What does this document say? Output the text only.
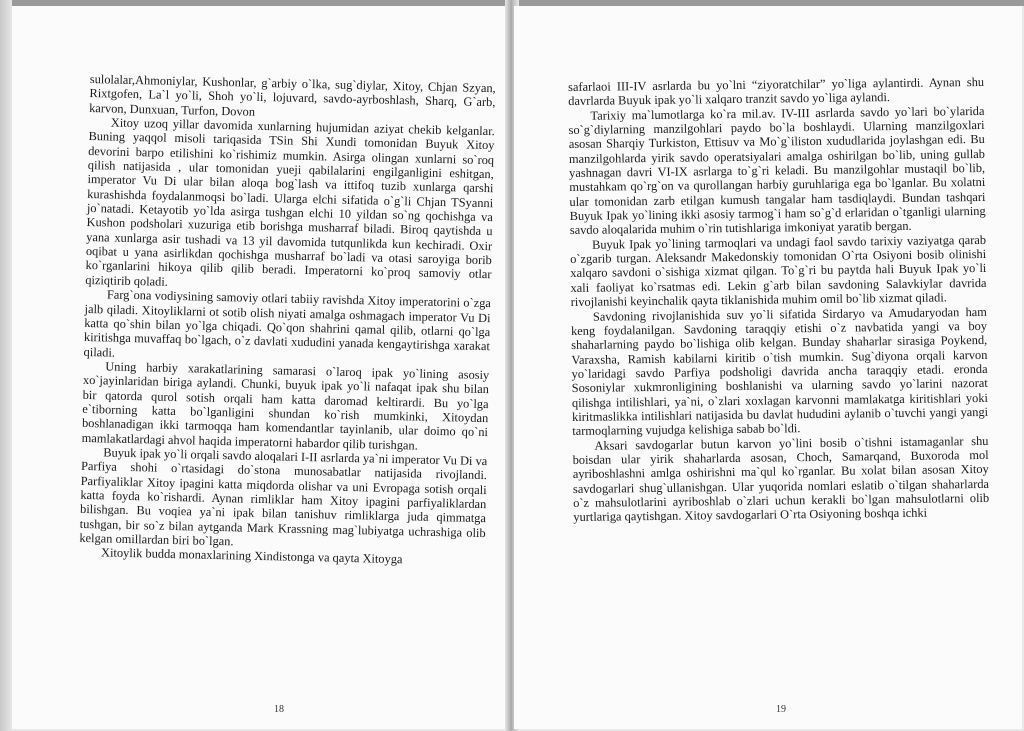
sulolalar,Ahmoniylar, Kushonlar, g`arbiy o`lka, sug`diylar, Xitoy, Chjan Szyan, Rixtgofen, La`l yo`li, Shoh yo`li, lojuvard, savdo-ayrboshlash, Sharq, G`arb, karvon, Dunxuan, Turfon, Dovon

Xitoy uzoq yillar davomida xunlarning hujumidan aziyat chekib kelganlar. Buning yaqqol misoli tariqasida TSin Shi Xundi tomonidan Buyuk Xitoy devorini barpo etilishini ko`rishimiz mumkin. Asirga olingan xunlarni so`roq qilish natijasida , ular tomonidan yueji qabilalarini engilganligini eshitgan, imperator Vu Di ular bilan aloqa bog`lash va ittifoq tuzib xunlarga qarshi kurashishda foydalanmoqsi bo`ladi. Ularga elchi sifatida o`g`li Chjan TSyanni jo`natadi. Ketayotib yo`lda asirga tushgan elchi 10 yildan so`ng qochishga va Kushon podsholari xuzuriga etib borishga musharraf biladi. Biroq qaytishda u yana xunlarga asir tushadi va 13 yil davomida tutqunlikda kun kechiradi. Oxir oqibat u yana asirlikdan qochishga musharraf bo`ladi va otasi saroyiga borib ko`rganlarini hikoya qilib qilib beradi. Imperatorni ko`proq samoviy otlar qiziqtirib qoladi.

Farg`ona vodiysining samoviy otlari tabiiy ravishda Xitoy imperatorini o`zga jalb qiladi. Xitoyliklarni ot sotib olish niyati amalga oshmagach imperator Vu Di katta qo`shin bilan yo`lga chiqadi. Qo`qon shahrini qamal qilib, otlarni qo`lga kiritishga muvaffaq bo`lgach, o`z davlati xududini yanada kengaytirishga xarakat qiladi.

Uning harbiy xarakatlarining samarasi o`laroq ipak yo`lining asosiy xo`jayinlaridan biriga aylandi. Chunki, buyuk ipak yo`li nafaqat ipak shu bilan bir qatorda qurol sotish orqali ham katta daromad keltirardi. Bu yo`lga e`tiborning katta bo`lganligini shundan ko`rish mumkinki, Xitoydan boshlanadigan ikki tarmoqqa ham komendantlar tayinlanib, ular doimo qo`ni mamlakatlardagi ahvol haqida imperatorni habardor qilib turishgan.

Buyuk ipak yo`li orqali savdo aloqalari I-II asrlarda ya`ni imperator Vu Di va Parfiya shohi o`rtasidagi do`stona munosabatlar natijasida rivojlandi. Parfiyaliklar Xitoy ipagini katta miqdorda olishar va uni Evropaga sotish orqali katta foyda ko`rishardi. Aynan rimliklar ham Xitoy ipagini parfiyaliklardan bilishgan. Bu voqiea ya`ni ipak bilan tanishuv rimliklarga juda qimmatga tushgan, bir so`z bilan aytganda Mark Krassning mag`lubiyatga uchrashiga olib kelgan omillardan biri bo`lgan.

Xitoylik budda monaxlarining Xindistonga va qayta Xitoyga

18

safarlaoi III-IV asrlarda bu yo`lni “ziyoratchilar” yo`liga aylantirdi. Aynan shu davrlarda Buyuk ipak yo`li xalqaro tranzit savdo yo`liga aylandi.

Tarixiy ma`lumotlarga ko`ra mil.av. IV-III asrlarda savdo yo`lari bo`ylarida so`g`diylarning manzilgohlari paydo bo`la boshlaydi. Ularning manzilgoxlari asosan Sharqiy Turkiston, Ettisuv va Mo`g`iliston xududlarida joylashgan edi. Bu manzilgohlarda yirik savdo operatsiyalari amalga oshirilgan bo`lib, uning gullab yashnagan davri VI-IX asrlarga to`g`ri keladi. Bu manzilgohlar mustaqil bo`lib, mustahkam qo`rg`on va qurollangan harbiy guruhlariga ega bo`lganlar. Bu xolatni ular tomonidan zarb etilgan kumush tangalar ham tasdiqlaydi. Bundan tashqari Buyuk Ipak yo`lining ikki asosiy tarmog`i ham so`g`d erlaridan o`tganligi ularning savdo aloqalarida muhim o`rin tutishlariga imkoniyat yaratib bergan.

Buyuk Ipak yo`lining tarmoqlari va undagi faol savdo tarixiy vaziyatga qarab o`zgarib turgan. Aleksandr Makedonskiy tomonidan O`rta Osiyoni bosib olinishi xalqaro savdoni o`sishiga xizmat qilgan. To`g`ri bu paytda hali Buyuk Ipak yo`li xali faoliyat ko`rsatmas edi. Lekin g`arb bilan savdoning Salavkiylar davrida rivojlanishi keyinchalik qayta tiklanishida muhim omil bo`lib xizmat qiladi.

Savdoning rivojlanishida suv yo`li sifatida Sirdaryo va Amudaryodan ham keng foydalanilgan. Savdoning taraqqiy etishi o`z navbatida yangi va boy shaharlarning paydo bo`lishiga olib kelgan. Bunday shaharlar sirasiga Poykend, Varaxsha, Ramish kabilarni kiritib o`tish mumkin. Sug`diyona orqali karvon yo`laridagi savdo Parfiya podsholigi davrida ancha taraqqiy etadi. eronda Sosoniylar xukmronligining boshlanishi va ularning savdo yo`larini nazorat qilishga intilishlari, ya`ni, o`zlari xoxlagan karvonni mamlakatga kiritishlari yoki kiritmaslikka intilishlari natijasida bu davlat hududini aylanib o`tuvchi yangi yangi tarmoqlarning vujudga kelishiga sabab bo`ldi.

Aksari savdogarlar butun karvon yo`lini bosib o`tishni istamaganlar shu boisdan ular yirik shaharlarda asosan, Choch, Samarqand, Buxoroda mol ayriboshlashni amlga oshirishni ma`qul ko`rganlar. Bu xolat bilan asosan Xitoy savdogarlari shug`ullanishgan. Ular yuqorida nomlari eslatib o`tilgan shaharlarda o`z mahsulotlarini ayriboshlab o`zlari uchun kerakli bo`lgan mahsulotlarni olib yurtlariga qaytishgan. Xitoy savdogarlari O`rta Osiyoning boshqa ichki

19
